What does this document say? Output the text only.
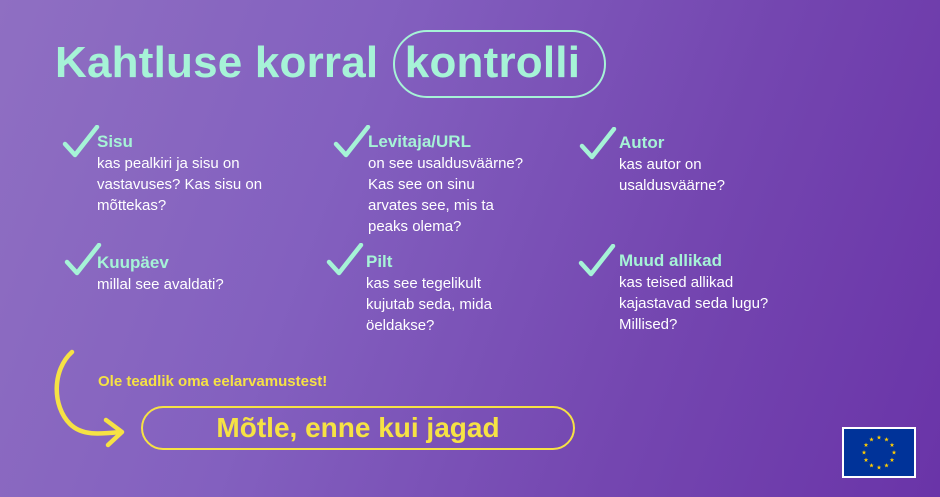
Kahtluse korral kontrolli
Sisu
kas pealkiri ja sisu on
vastavuses? Kas sisu on
mõttekas?
Levitaja/URL
on see usaldusväärne?
Kas see on sinu
arvates see, mis ta
peaks olema?
Autor
kas autor on
usaldusväärne?
Kuupäev
millal see avaldati?
Pilt
kas see tegelikult
kujutab seda, mida
öeldakse?
Muud allikad
kas teised allikad
kajastavad seda lugu?
Millised?
Ole teadlik oma eelarvamustest!
Mõtle, enne kui jagad
